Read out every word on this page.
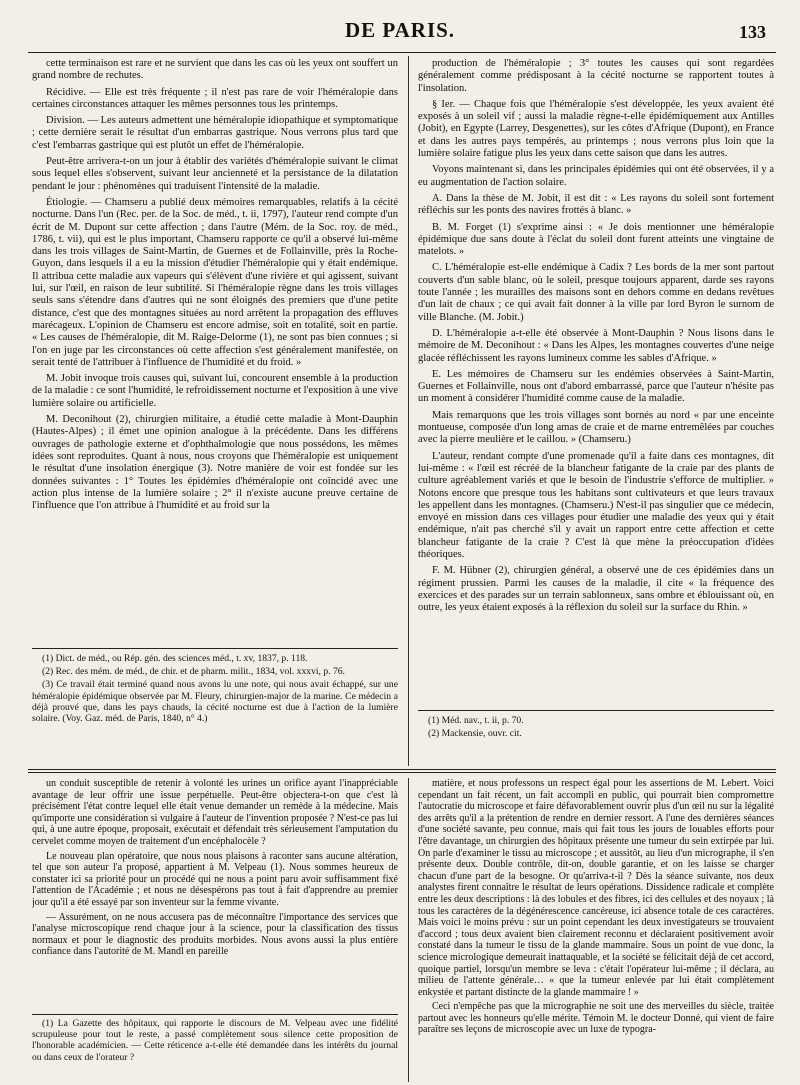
DE PARIS.	133

cette terminaison est rare et ne survient que dans les cas où les yeux ont souffert un grand nombre de rechutes.

Récidive. — Elle est très fréquente ; il n'est pas rare de voir l'héméralopie dans certaines circonstances attaquer les mêmes personnes tous les printemps.

Division. — Les auteurs admettent une héméralopie idiopathique et symptomatique ; cette dernière serait le résultat d'un embarras gastrique. Nous verrons plus tard que c'est l'embarras gastrique qui est plutôt un effet de l'héméralopie.

Peut-être arrivera-t-on un jour à établir des variétés d'héméralopie suivant le climat sous lequel elles s'observent, suivant leur ancienneté et la persistance de la dilatation pendant le jour : phénomènes qui traduisent l'intensité de la maladie.

Étiologie. — Chamseru a publié deux mémoires remarquables, relatifs à la cécité nocturne. Dans l'un (Rec. per. de la Soc. de méd., t. ii, 1797), l'auteur rend compte d'un écrit de M. Dupont sur cette affection ; dans l'autre (Mém. de la Soc. roy. de méd., 1786, t. vii), qui est le plus important, Chamseru rapporte ce qu'il a observé lui-même dans les trois villages de Saint-Martin, de Guernes et de Follainville, près la Roche-Guyon, dans lesquels il a eu la mission d'étudier l'héméralopie qui y était endémique. Il attribua cette maladie aux vapeurs qui s'élèvent d'une rivière et qui agissent, suivant lui, sur l'œil, en raison de leur subtilité. Si l'héméralopie règne dans les trois villages seuls sans s'étendre dans d'autres qui ne sont éloignés des premiers que d'une petite distance, c'est que des montagnes situées au nord arrêtent la propagation des effluves marécageux. L'opinion de Chamseru est encore admise, soit en totalité, soit en partie. « Les causes de l'héméralopie, dit M. Raige-Delorme (1), ne sont pas bien connues ; si l'on en juge par les circonstances où cette affection s'est généralement manifestée, on serait tenté de l'attribuer à l'influence de l'humidité et du froid. »

M. Jobit invoque trois causes qui, suivant lui, concourent ensemble à la production de la maladie : ce sont l'humidité, le refroidissement nocturne et l'exposition à une vive lumière solaire ou artificielle.

M. Deconihout (2), chirurgien militaire, a étudié cette maladie à Mont-Dauphin (Hautes-Alpes) ; il émet une opinion analogue à la précédente. Dans les différens ouvrages de pathologie externe et d'ophthalmologie que nous possédons, les mêmes idées sont reproduites. Quant à nous, nous croyons que l'héméralopie est uniquement le résultat d'une insolation énergique (3). Notre manière de voir est fondée sur les données suivantes : 1° Toutes les épidémies d'héméralopie ont coïncidé avec une action plus intense de la lumière solaire ; 2° il n'existe aucune preuve certaine de l'influence que l'on attribue à l'humidité et au froid sur la

(1) Dict. de méd., ou Rép. gén. des sciences méd., t. xv, 1837, p. 118.

(2) Rec. des mém. de méd., de chir. et de pharm. milit., 1834, vol. xxxvi, p. 76.

(3) Ce travail était terminé quand nous avons lu une note, qui nous avait échappé, sur une héméralopie épidémique observée par M. Fleury, chirurgien-major de la marine. Ce médecin a déjà prouvé que, dans les pays chauds, la cécité nocturne est due à l'action de la lumière solaire. (Voy. Gaz. méd. de Paris, 1840, n° 4.)

production de l'héméralopie ; 3° toutes les causes qui sont regardées généralement comme prédisposant à la cécité nocturne se rapportent toutes à l'insolation.

§ Ier. — Chaque fois que l'héméralopie s'est développée, les yeux avaient été exposés à un soleil vif ; aussi la maladie règne-t-elle épidémiquement aux Antilles (Jobit), en Egypte (Larrey, Desgenettes), sur les côtes d'Afrique (Dupont), en France et dans les autres pays tempérés, au printemps ; nous verrons plus loin que la lumière solaire fatigue plus les yeux dans cette saison que dans les autres.

Voyons maintenant si, dans les principales épidémies qui ont été observées, il y a eu augmentation de l'action solaire.

A. Dans la thèse de M. Jobit, il est dit : « Les rayons du soleil sont fortement réfléchis sur les ponts des navires frottés à blanc. »

B. M. Forget (1) s'exprime ainsi : « Je dois mentionner une héméralopie épidémique due sans doute à l'éclat du soleil dont furent atteints une vingtaine de matelots. »

C. L'héméralopie est-elle endémique à Cadix ? Les bords de la mer sont partout couverts d'un sable blanc, où le soleil, presque toujours apparent, darde ses rayons toute l'année ; les murailles des maisons sont en dehors comme en dedans revêtues d'un lait de chaux ; ce qui avait fait donner à la ville par lord Byron le surnom de ville Blanche. (M. Jobit.)

D. L'héméralopie a-t-elle été observée à Mont-Dauphin ? Nous lisons dans le mémoire de M. Deconihout : « Dans les Alpes, les montagnes couvertes d'une neige glacée réfléchissent les rayons lumineux comme les sables d'Afrique. »

E. Les mémoires de Chamseru sur les endémies observées à Saint-Martin, Guernes et Follainville, nous ont d'abord embarrassé, parce que l'auteur n'hésite pas un moment à considérer l'humidité comme cause de la maladie.

Mais remarquons que les trois villages sont bornés au nord « par une enceinte montueuse, composée d'un long amas de craie et de marne entremêlées par couches avec la pierre meulière et le caillou. » (Chamseru.)

L'auteur, rendant compte d'une promenade qu'il a faite dans ces montagnes, dit lui-même : « l'œil est récréé de la blancheur fatigante de la craie par des plants de culture agréablement variés et que le besoin de l'industrie s'efforce de multiplier. » Notons encore que presque tous les habitans sont cultivateurs et que leurs travaux les appellent dans les montagnes. (Chamseru.) N'est-il pas singulier que ce médecin, envoyé en mission dans ces villages pour étudier une maladie des yeux qui y était endémique, n'ait pas cherché s'il y avait un rapport entre cette affection et cette blancheur fatigante de la craie ? C'est là que mène la préoccupation d'idées théoriques.

F. M. Hübner (2), chirurgien général, a observé une de ces épidémies dans un régiment prussien. Parmi les causes de la maladie, il cite « la fréquence des exercices et des parades sur un terrain sablonneux, sans ombre et éblouissant où, en outre, les yeux étaient exposés à la réflexion du soleil sur la surface du Rhin. »

(1) Méd. nav., t. ii, p. 70.

(2) Mackensie, ouvr. cit.

un conduit susceptible de retenir à volonté les urines un orifice ayant l'inappréciable avantage de leur offrir une issue perpétuelle. Peut-être objectera-t-on que c'est là précisément l'état contre lequel elle était venue demander un remède à la médecine. Mais qu'importe une considération si vulgaire à l'auteur de l'invention proposée ? N'est-ce pas lui qui, à une autre époque, proposait, exécutait et défendait très sérieusement l'amputation du cervelet comme moyen de traitement d'un encéphalocèle ?

Le nouveau plan opératoire, que nous nous plaisons à raconter sans aucune altération, tel que son auteur l'a proposé, appartient à M. Velpeau (1). Nous sommes heureux de constater ici sa priorité pour un procédé qui ne nous a point paru avoir suffisamment fixé l'attention de l'Académie ; et nous ne désespérons pas tout à fait d'apprendre au premier jour qu'il a été essayé par son inventeur sur la femme vivante.

— Assurément, on ne nous accusera pas de méconnaître l'importance des services que l'analyse microscopique rend chaque jour à la science, pour la classification des tissus normaux et pour le diagnostic des produits morbides. Nous avons aussi la plus entière confiance dans l'autorité de M. Mandl en pareille

(1) La Gazette des hôpitaux, qui rapporte le discours de M. Velpeau avec une fidélité scrupuleuse pour tout le reste, a passé complètement sous silence cette proposition de l'honorable académicien. — Cette réticence a-t-elle été demandée dans les intérêts du journal ou dans ceux de l'orateur ?

matière, et nous professons un respect égal pour les assertions de M. Lebert. Voici cependant un fait récent, un fait accompli en public, qui pourrait bien compromettre l'autocratie du microscope et faire défavorablement ouvrir plus d'un œil nu sur la légalité des arrêts qu'il a la prétention de rendre en dernier ressort. A l'une des dernières séances d'une société savante, peu connue, mais qui fait tous les jours de louables efforts pour l'être davantage, un chirurgien des hôpitaux présente une tumeur du sein extirpée par lui. On parle d'examiner le tissu au microscope ; et aussitôt, au lieu d'un micrographe, il s'en présente deux. Double contrôle, dit-on, double garantie, et on les laisse se charger chacun d'une part de la besogne. Or qu'arriva-t-il ? Dès la séance suivante, nos deux analystes firent connaître le résultat de leurs opérations. Dissidence radicale et complète entre les deux descriptions : là des lobules et des fibres, ici des cellules et des noyaux ; là tous les caractères de la dégénérescence cancéreuse, ici absence totale de ces caractères. Mais voici le moins prévu : sur un point cependant les deux investigateurs se trouvaient d'accord ; tous deux avaient bien clairement reconnu et déclaraient positivement avoir constaté dans la tumeur le tissu de la glande mammaire. Sous un point de vue donc, la science micrologique demeurait inattaquable, et la société se félicitait déjà de cet accord, quoique partiel, lorsqu'un membre se leva : c'était l'opérateur lui-même ; il déclara, au milieu de l'attente générale… « que la tumeur enlevée par lui était complètement enkystée et partant distincte de la glande mammaire ! »

Ceci n'empêche pas que la micrographie ne soit une des merveilles du siècle, traitée partout avec les honneurs qu'elle mérite. Témoin M. le docteur Donné, qui vient de faire paraître ses leçons de microscopie avec un luxe de typogra-
